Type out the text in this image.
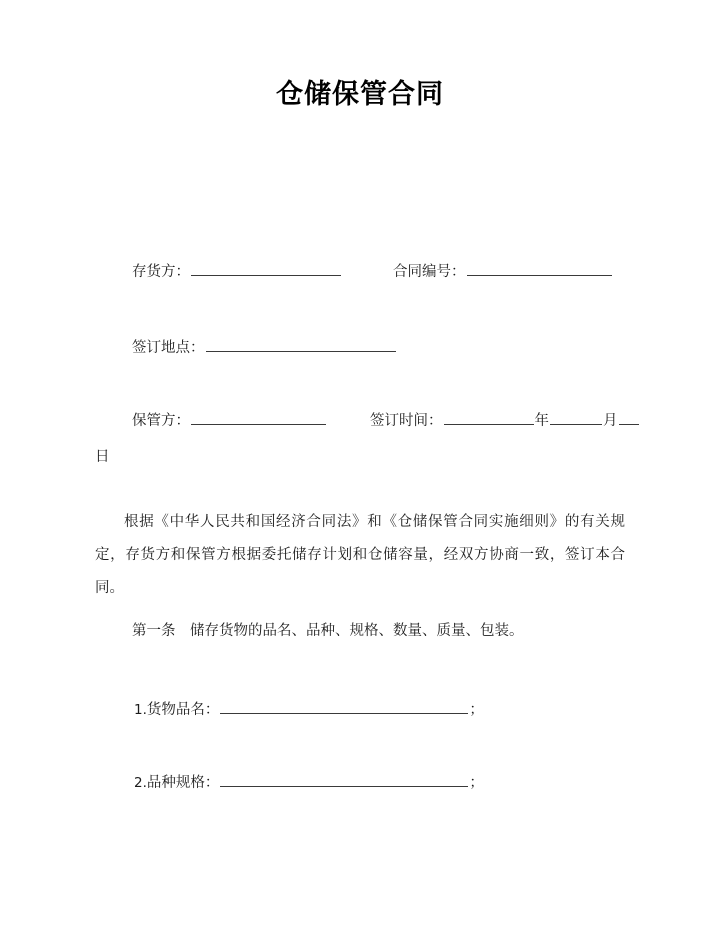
仓储保管合同
存货方：	合同编号：
签订地点：
保管方：	签订时间：	年	月
日
根据《中华人民共和国经济合同法》和《仓储保管合同实施细则》的有关规定，存货方和保管方根据委托储存计划和仓储容量，经双方协商一致，签订本合同。
第一条　储存货物的品名、品种、规格、数量、质量、包装。
1.货物品名：	；
2.品种规格：	；
